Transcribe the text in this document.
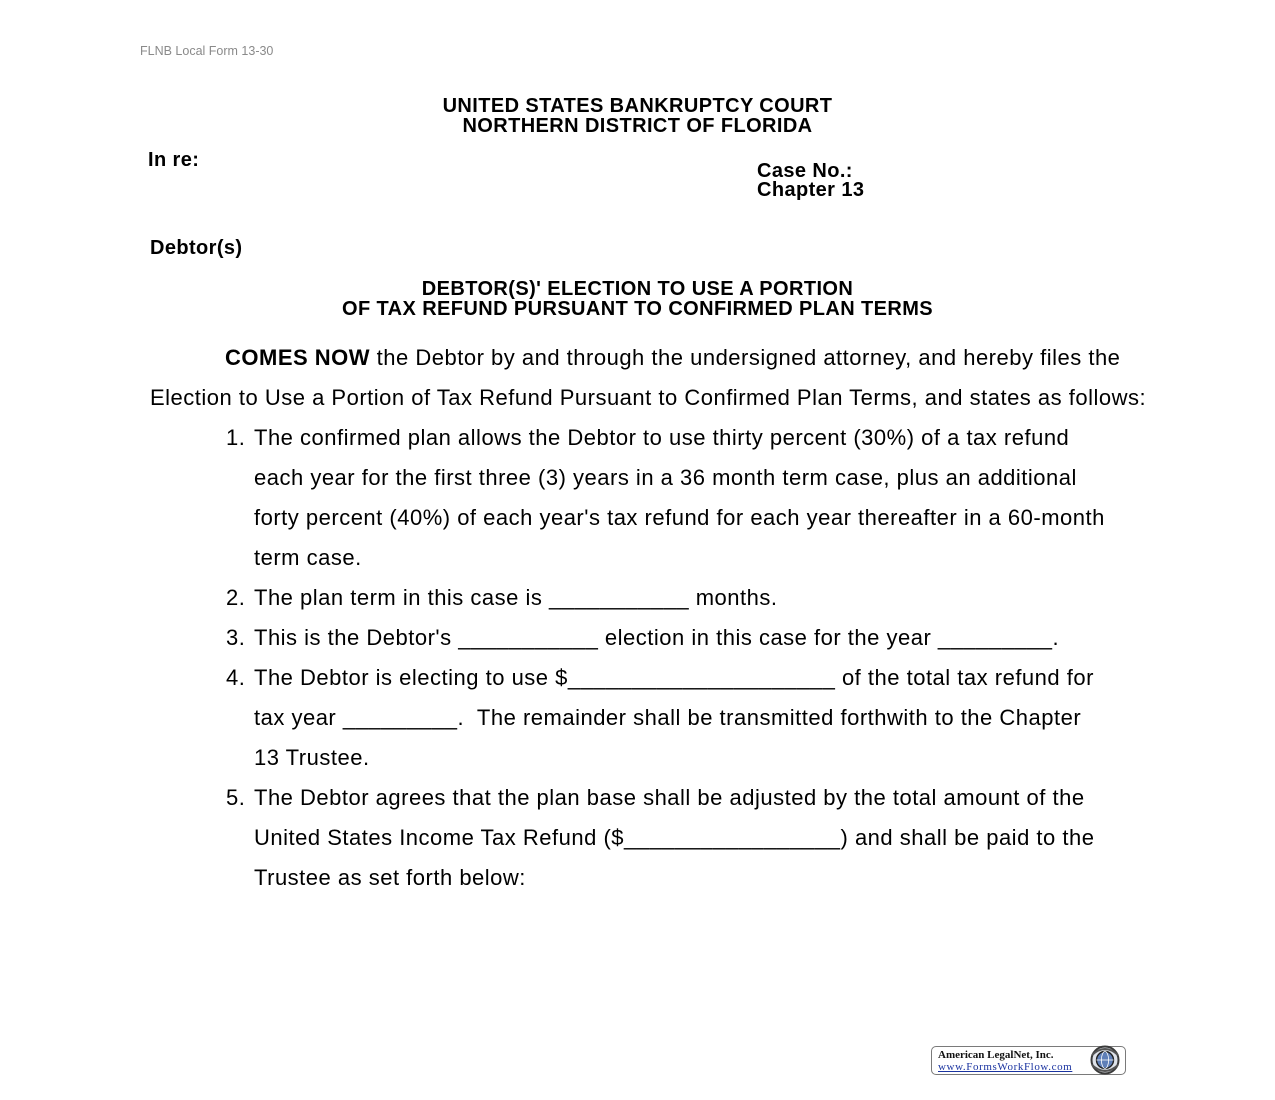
FLNB Local Form 13-30
UNITED STATES BANKRUPTCY COURT
NORTHERN DISTRICT OF FLORIDA
In re:	Case No.:
Chapter 13
Debtor(s)
DEBTOR(S)' ELECTION TO USE A PORTION
OF TAX REFUND PURSUANT TO CONFIRMED PLAN TERMS
COMES NOW the Debtor by and through the undersigned attorney, and hereby files the
Election to Use a Portion of Tax Refund Pursuant to Confirmed Plan Terms, and states as follows:
1. The confirmed plan allows the Debtor to use thirty percent (30%) of a tax refund
each year for the first three (3) years in a 36 month term case, plus an additional
forty percent (40%) of each year's tax refund for each year thereafter in a 60-month
term case.
2. The plan term in this case is ___________ months.
3. This is the Debtor's ___________ election in this case for the year _________.
4. The Debtor is electing to use $_____________________ of the total tax refund for
tax year _________.  The remainder shall be transmitted forthwith to the Chapter
13 Trustee.
5. The Debtor agrees that the plan base shall be adjusted by the total amount of the
United States Income Tax Refund ($_________________) and shall be paid to the
Trustee as set forth below:
American LegalNet, Inc.
www.FormsWorkFlow.com
